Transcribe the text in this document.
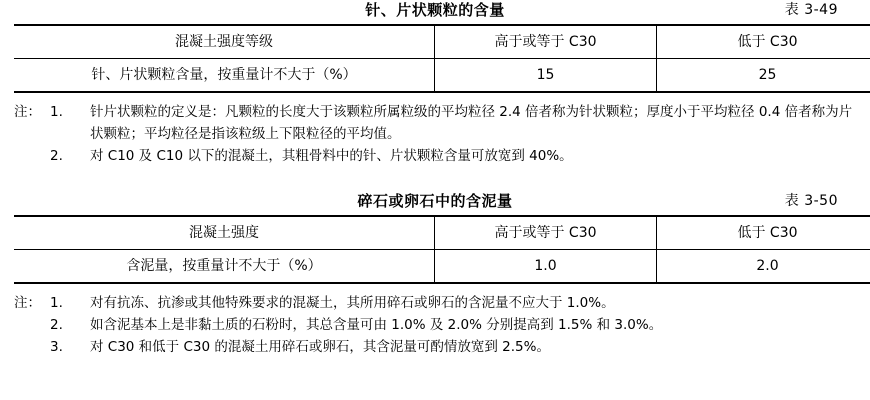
针、片状颗粒的含量	表 3-49
混凝土强度等级	高于或等于 C30	低于 C30
针、片状颗粒含量，按重量计不大于（%）	15	25
注： 1.	针片状颗粒的定义是：凡颗粒的长度大于该颗粒所属粒级的平均粒径 2.4 倍者称为针状颗粒；厚度小于平均粒径 0.4 倍者称为片状颗粒；平均粒径是指该粒级上下限粒径的平均值。
2.	对 C10 及 C10 以下的混凝土，其粗骨料中的针、片状颗粒含量可放宽到 40%。
碎石或卵石中的含泥量	表 3-50
混凝土强度	高于或等于 C30	低于 C30
含泥量，按重量计不大于（%）	1.0	2.0
注： 1.	对有抗冻、抗渗或其他特殊要求的混凝土，其所用碎石或卵石的含泥量不应大于 1.0%。
2.	如含泥基本上是非黏土质的石粉时，其总含量可由 1.0% 及 2.0% 分别提高到 1.5% 和 3.0%。
3.	对 C30 和低于 C30 的混凝土用碎石或卵石，其含泥量可酌情放宽到 2.5%。
